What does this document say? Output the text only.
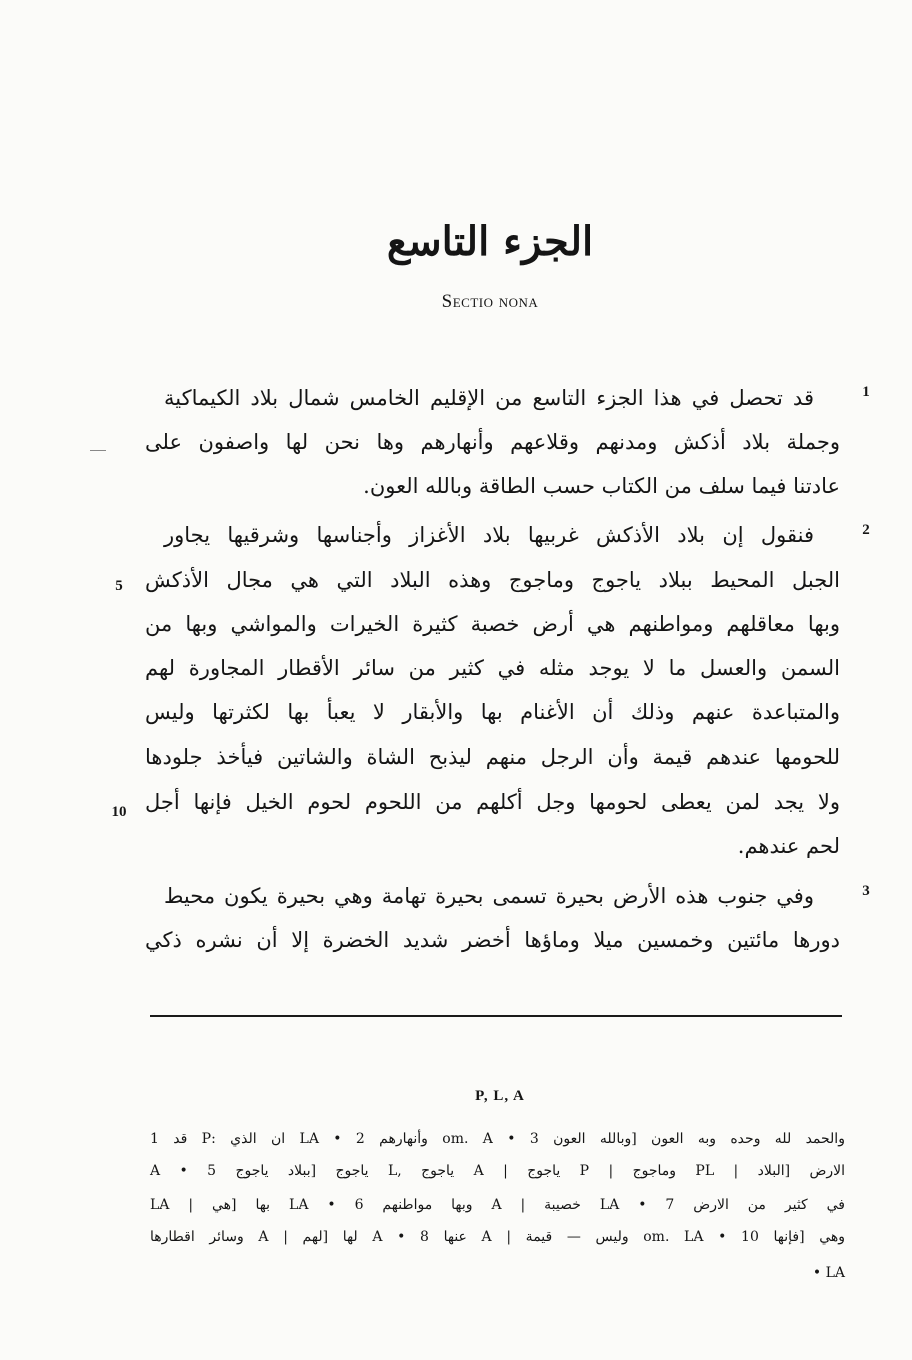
الجزء التاسع
Sectio nona
1
قد تحصل في هذا الجزء التاسع من الإقليم الخامس شمال بلاد الكيماكية
وجملة بلاد أذكش ومدنهم وقلاعهم وأنهارهم وها نحن لها واصفون على
عادتنا فيما سلف من الكتاب حسب الطاقة وبالله العون.
2
فنقول إن بلاد الأذكش غربيها بلاد الأغزاز وأجناسها وشرقيها يجاور
الجبل المحيط ببلاد ياجوج وماجوج وهذه البلاد التي هي مجال الأذكش
5
وبها معاقلهم ومواطنهم هي أرض خصبة كثيرة الخيرات والمواشي وبها من
السمن والعسل ما لا يوجد مثله في كثير من سائر الأقطار المجاورة لهم
والمتباعدة عنهم وذلك أن الأغنام بها والأبقار لا يعبأ بها لكثرتها وليس
للحومها عندهم قيمة وأن الرجل منهم ليذبح الشاة والشاتين فيأخذ جلودها
ولا يجد لمن يعطى لحومها وجل أكلهم من اللحوم لحوم الخيل فإنها أجل
10
لحم عندهم.
3
وفي جنوب هذه الأرض بحيرة تسمى بحيرة تهامة وهي بحيرة يكون محيط
دورها مائتين وخمسين ميلا وماؤها أخضر شديد الخضرة إلا أن نشره ذكي
P, L, A
والحمد لله وحده وبه العون [وبالله العون 3 • om. A وأنهارهم 2 • LA ان الذي :P قد 1
الارض [البلاد | PL وماجوج | P ياجوج | A ياجوج ,L ياجوج [ببلاد ياجوج 5 • A
في كثير من الارض 7 • LA خصيبة | A وبها مواطنهم 6 • LA بها [هي | LA
وهي [فإنها 10 • om. LA وليس — قيمة | A عنها 8 • A لها [لهم | A وسائر اقطارها
LA •
